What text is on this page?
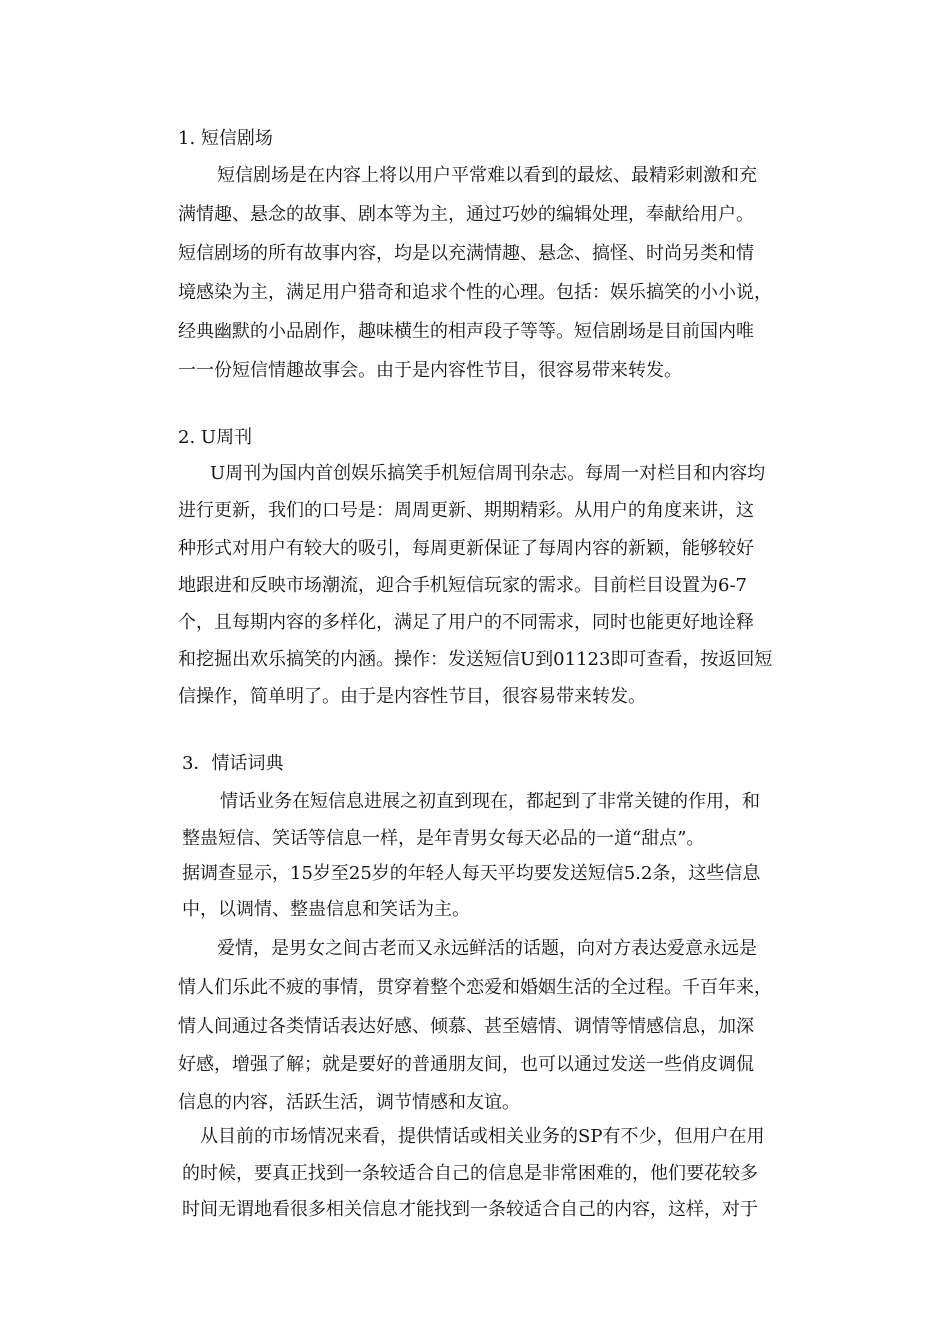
1. 短信剧场
短信剧场是在内容上将以用户平常难以看到的最炫、最精彩刺激和充
满情趣、悬念的故事、剧本等为主，通过巧妙的编辑处理，奉献给用户。
短信剧场的所有故事内容，均是以充满情趣、悬念、搞怪、时尚另类和情
境感染为主，满足用户猎奇和追求个性的心理。包括：娱乐搞笑的小小说，
经典幽默的小品剧作，趣味横生的相声段子等等。短信剧场是目前国内唯
一一份短信情趣故事会。由于是内容性节目，很容易带来转发。
2. U周刊
U周刊为国内首创娱乐搞笑手机短信周刊杂志。每周一对栏目和内容均
进行更新，我们的口号是：周周更新、期期精彩。从用户的角度来讲，这
种形式对用户有较大的吸引，每周更新保证了每周内容的新颖，能够较好
地跟进和反映市场潮流，迎合手机短信玩家的需求。目前栏目设置为6-7
个，且每期内容的多样化，满足了用户的不同需求，同时也能更好地诠释
和挖掘出欢乐搞笑的内涵。操作：发送短信U到01123即可查看，按返回短
信操作，简单明了。由于是内容性节目，很容易带来转发。
3．情话词典
情话业务在短信息进展之初直到现在，都起到了非常关键的作用，和
整蛊短信、笑话等信息一样，是年青男女每天必品的一道“甜点”。
据调查显示，15岁至25岁的年轻人每天平均要发送短信5.2条，这些信息
中，以调情、整蛊信息和笑话为主。
爱情，是男女之间古老而又永远鲜活的话题，向对方表达爱意永远是
情人们乐此不疲的事情，贯穿着整个恋爱和婚姻生活的全过程。千百年来，
情人间通过各类情话表达好感、倾慕、甚至嬉情、调情等情感信息，加深
好感，增强了解；就是要好的普通朋友间，也可以通过发送一些俏皮调侃
信息的内容，活跃生活，调节情感和友谊。
从目前的市场情况来看，提供情话或相关业务的SP有不少，但用户在用
的时候，要真正找到一条较适合自己的信息是非常困难的，他们要花较多
时间无谓地看很多相关信息才能找到一条较适合自己的内容，这样，对于
